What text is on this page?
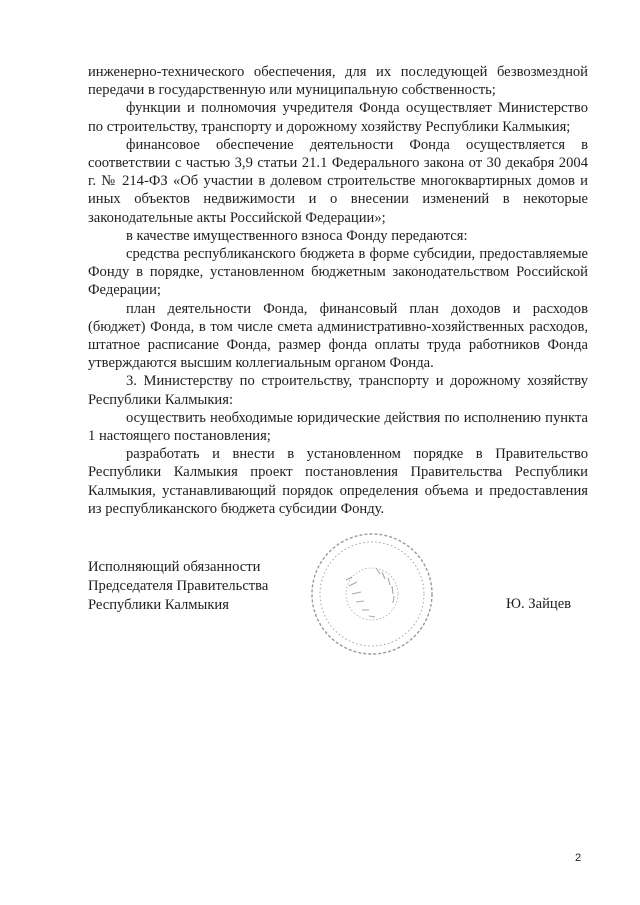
инженерно-технического обеспечения, для их последующей безвозмездной передачи в государственную или муниципальную собственность;

функции и полномочия учредителя Фонда осуществляет Министерство по строительству, транспорту и дорожному хозяйству Республики Калмыкия;

финансовое обеспечение деятельности Фонда осуществляется в соответствии с частью 3,9 статьи 21.1 Федерального закона от 30 декабря 2004 г. № 214-ФЗ «Об участии в долевом строительстве многоквартирных домов и иных объектов недвижимости и о внесении изменений в некоторые законодательные акты Российской Федерации»;

в качестве имущественного взноса Фонду передаются:

средства республиканского бюджета в форме субсидии, предоставляемые Фонду в порядке, установленном бюджетным законодательством Российской Федерации;

план деятельности Фонда, финансовый план доходов и расходов (бюджет) Фонда, в том числе смета административно-хозяйственных расходов, штатное расписание Фонда, размер фонда оплаты труда работников Фонда утверждаются высшим коллегиальным органом Фонда.

3. Министерству по строительству, транспорту и дорожному хозяйству Республики Калмыкия:

осуществить необходимые юридические действия по исполнению пункта 1 настоящего постановления;

разработать и внести в установленном порядке в Правительство Республики Калмыкия проект постановления Правительства Республики Калмыкия, устанавливающий порядок определения объема и предоставления из республиканского бюджета субсидии Фонду.

Исполняющий обязанности
Председателя Правительства
Республики Калмыкия	Ю. Зайцев
2
